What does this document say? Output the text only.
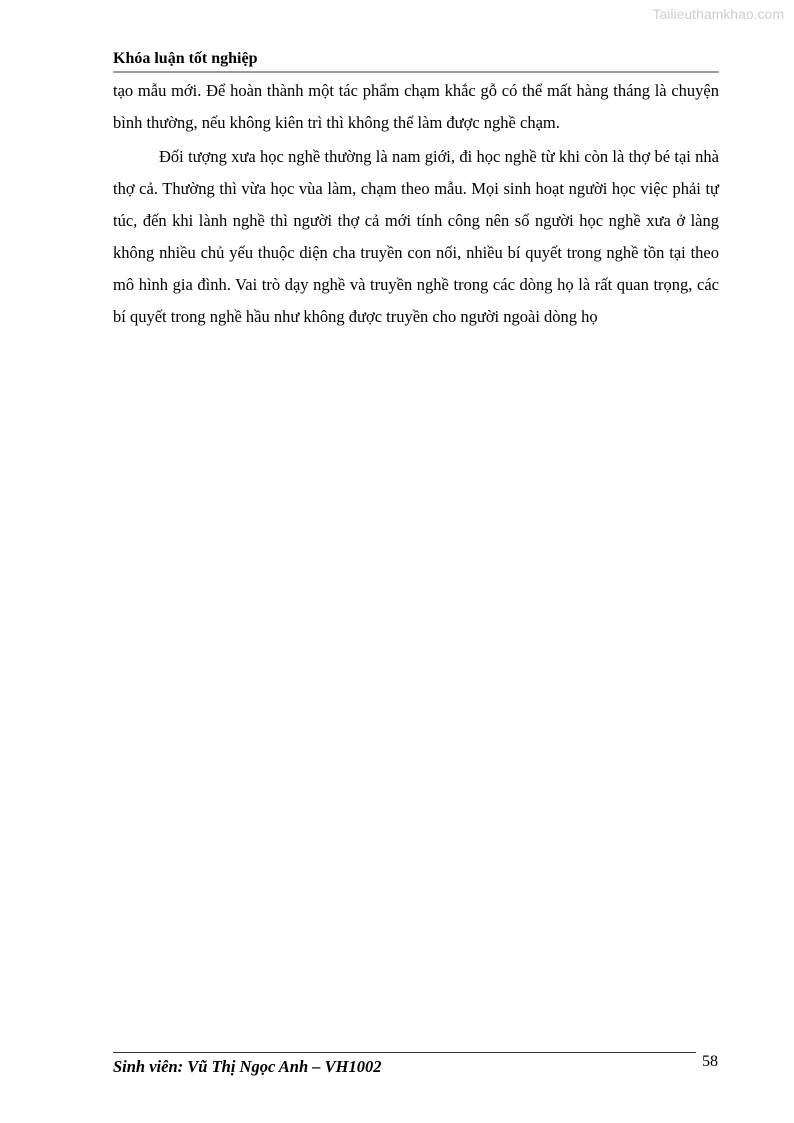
Tailieuthamkhao.com
Khóa luận tốt nghiệp

tạo mẫu mới. Để hoàn thành một tác phẩm chạm khắc gỗ có thể mất hàng tháng là chuyện bình thường, nếu không kiên trì thì không thể làm được nghề chạm.

Đối tượng xưa học nghề thường là nam giới, đi học nghề từ khi còn là thợ bé tại nhà thợ cả. Thường thì vừa học vùa làm, chạm theo mẫu. Mọi sinh hoạt người học việc phải tự túc, đến khi lành nghề thì người thợ cả mới tính công nên số người học nghề xưa ở làng không nhiều chủ yếu thuộc diện cha truyền con nối, nhiều bí quyết trong nghề tồn tại theo mô hình gia đình. Vai trò dạy nghề và truyền nghề trong các dòng họ là rất quan trọng, các bí quyết trong nghề hầu như không được truyền cho người ngoài dòng họ

Sinh viên: Vũ Thị Ngọc Anh – VH1002	58
